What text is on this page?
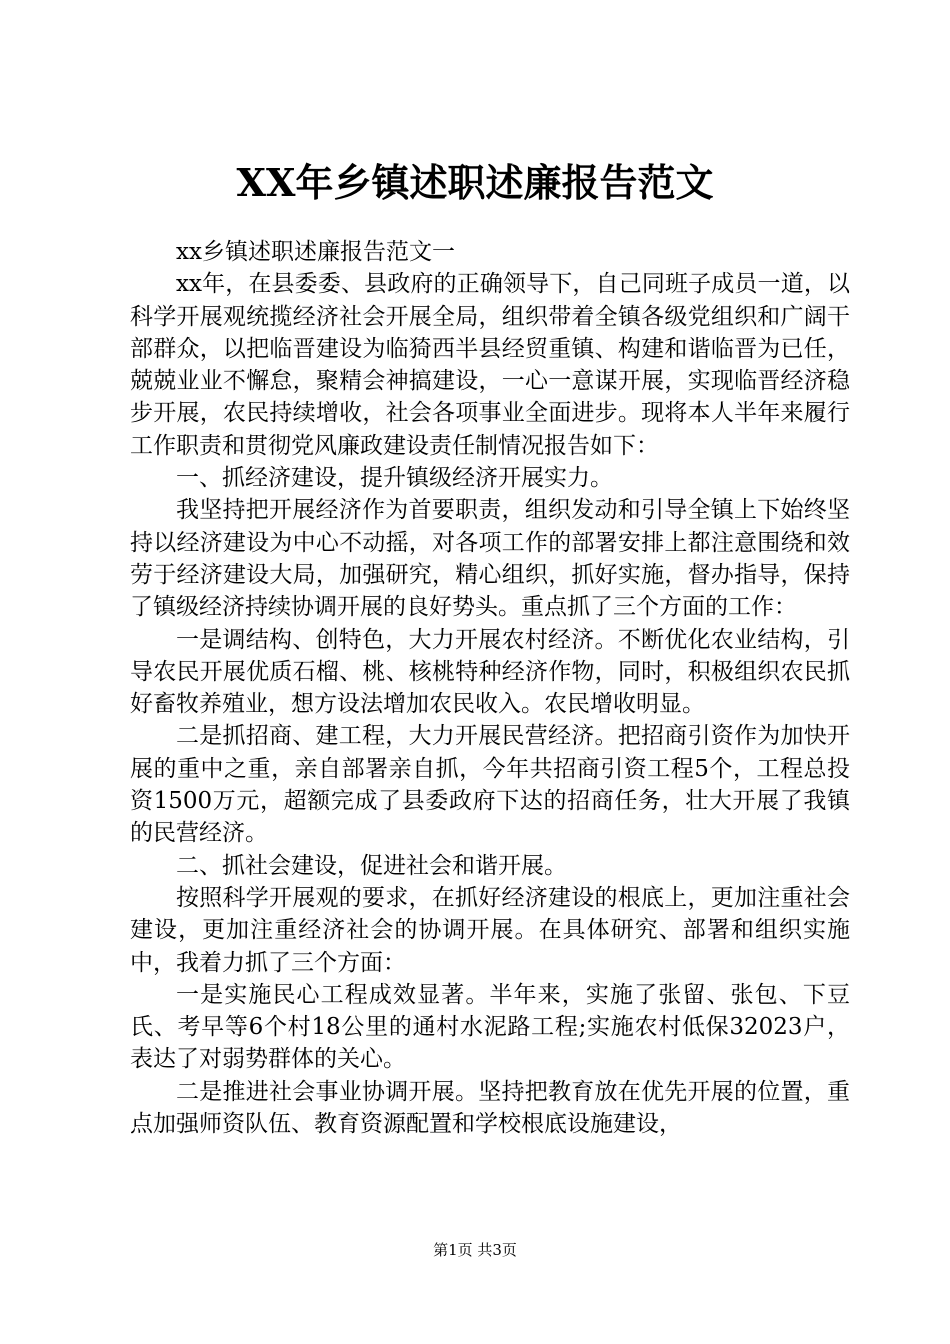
XX年乡镇述职述廉报告范文

xx乡镇述职述廉报告范文一

xx年，在县委委、县政府的正确领导下，自己同班子成员一道，以科学开展观统揽经济社会开展全局，组织带着全镇各级党组织和广阔干部群众，以把临晋建设为临猗西半县经贸重镇、构建和谐临晋为已任，兢兢业业不懈怠，聚精会神搞建设，一心一意谋开展，实现临晋经济稳步开展，农民持续增收，社会各项事业全面进步。现将本人半年来履行工作职责和贯彻党风廉政建设责任制情况报告如下：

一、抓经济建设，提升镇级经济开展实力。

我坚持把开展经济作为首要职责，组织发动和引导全镇上下始终坚持以经济建设为中心不动摇，对各项工作的部署安排上都注意围绕和效劳于经济建设大局，加强研究，精心组织，抓好实施，督办指导，保持了镇级经济持续协调开展的良好势头。重点抓了三个方面的工作：

一是调结构、创特色，大力开展农村经济。不断优化农业结构，引导农民开展优质石榴、桃、核桃特种经济作物，同时，积极组织农民抓好畜牧养殖业，想方设法增加农民收入。农民增收明显。

二是抓招商、建工程，大力开展民营经济。把招商引资作为加快开展的重中之重，亲自部署亲自抓，今年共招商引资工程5个，工程总投资1500万元，超额完成了县委政府下达的招商任务，壮大开展了我镇的民营经济。

二、抓社会建设，促进社会和谐开展。

按照科学开展观的要求，在抓好经济建设的根底上，更加注重社会建设，更加注重经济社会的协调开展。在具体研究、部署和组织实施中，我着力抓了三个方面：

一是实施民心工程成效显著。半年来，实施了张留、张包、下豆氏、考早等6个村18公里的通村水泥路工程;实施农村低保32023户，表达了对弱势群体的关心。

二是推进社会事业协调开展。坚持把教育放在优先开展的位置，重点加强师资队伍、教育资源配置和学校根底设施建设，

第1页 共3页
